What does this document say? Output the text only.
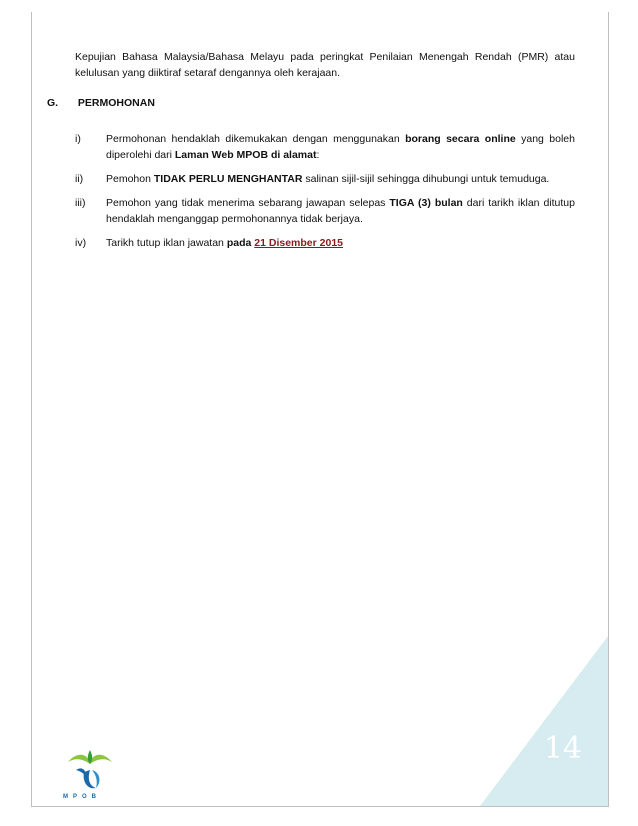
14
Kepujian Bahasa Malaysia/Bahasa Melayu pada peringkat Penilaian Menengah Rendah (PMR) atau kelulusan yang diiktiraf setaraf dengannya oleh kerajaan.
G. PERMOHONAN
i)	Permohonan hendaklah dikemukakan dengan menggunakan borang secara online yang boleh diperolehi dari Laman Web MPOB di alamat:
ii)	Pemohon TIDAK PERLU MENGHANTAR salinan sijil-sijil sehingga dihubungi untuk temuduga.
iii)	Pemohon yang tidak menerima sebarang jawapan selepas TIGA (3) bulan dari tarikh iklan ditutup hendaklah menganggap permohonannya tidak berjaya.
iv)	Tarikh tutup iklan jawatan pada 21 Disember 2015
MPOB
